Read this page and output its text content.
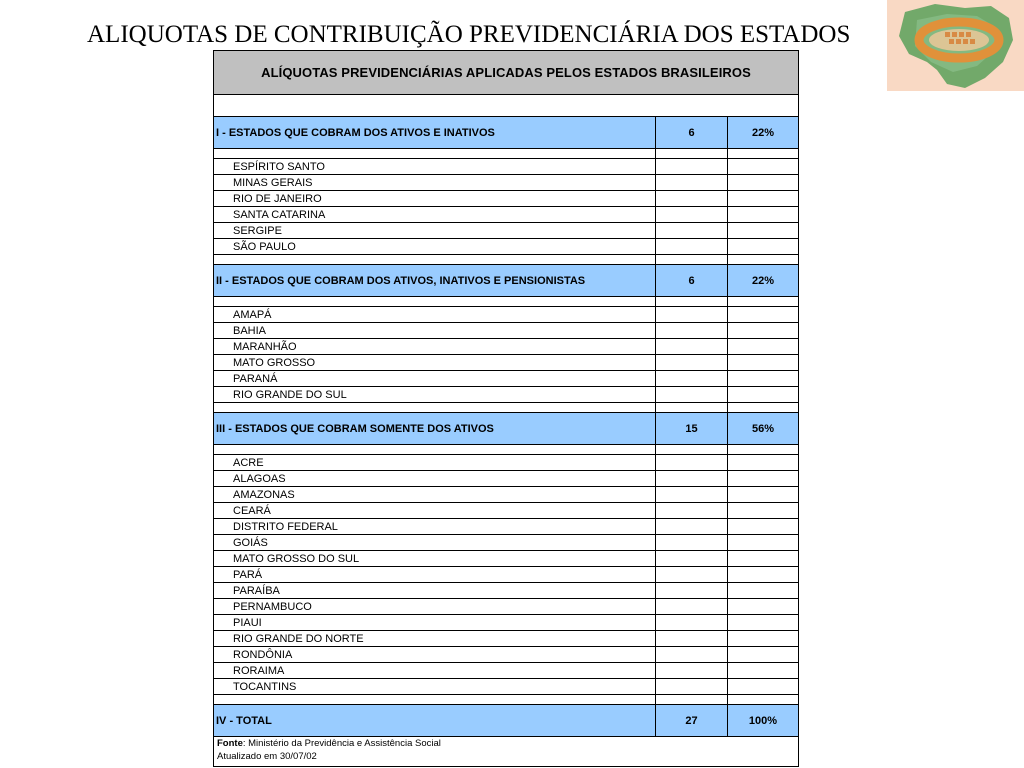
ALIQUOTAS DE CONTRIBUIÇÃO PREVIDENCIÁRIA DOS ESTADOS
ALÍQUOTAS PREVIDENCIÁRIAS APLICADAS PELOS ESTADOS BRASILEIROS
I - ESTADOS QUE COBRAM DOS ATIVOS E INATIVOS	6	22%
ESPÍRITO SANTO
MINAS GERAIS
RIO DE JANEIRO
SANTA CATARINA
SERGIPE
SÃO PAULO
II - ESTADOS QUE COBRAM DOS ATIVOS, INATIVOS E PENSIONISTAS	6	22%
AMAPÁ
BAHIA
MARANHÃO
MATO GROSSO
PARANÁ
RIO GRANDE DO SUL
III - ESTADOS QUE COBRAM SOMENTE DOS ATIVOS	15	56%
ACRE
ALAGOAS
AMAZONAS
CEARÁ
DISTRITO FEDERAL
GOIÁS
MATO GROSSO DO SUL
PARÁ
PARAÍBA
PERNAMBUCO
PIAUI
RIO GRANDE DO NORTE
RONDÔNIA
RORAIMA
TOCANTINS
IV - TOTAL	27	100%
Fonte: Ministério da Previdência e Assistência Social
Atualizado em 30/07/02
